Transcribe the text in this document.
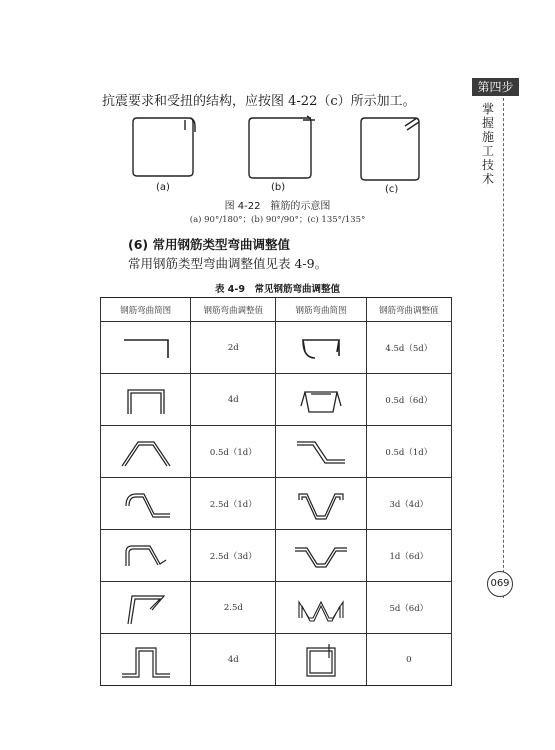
第四步
掌握施工技术
069
抗震要求和受扭的结构，应按图 4-22（c）所示加工。
(a)	(b)	(c)
图 4-22　箍筋的示意图
(a) 90°/180°；(b) 90°/90°；(c) 135°/135°
(6) 常用钢筋类型弯曲调整值
常用钢筋类型弯曲调整值见表 4-9。
表 4-9　常见钢筋弯曲调整值
钢筋弯曲简图	钢筋弯曲调整值	钢筋弯曲简图	钢筋弯曲调整值

	2d		4.5d（5d）

	4d		0.5d（6d）

	0.5d（1d）		0.5d（1d）

	2.5d（1d）		3d（4d）

	2.5d（3d）		1d（6d）

	2.5d		5d（6d）

	4d		0
